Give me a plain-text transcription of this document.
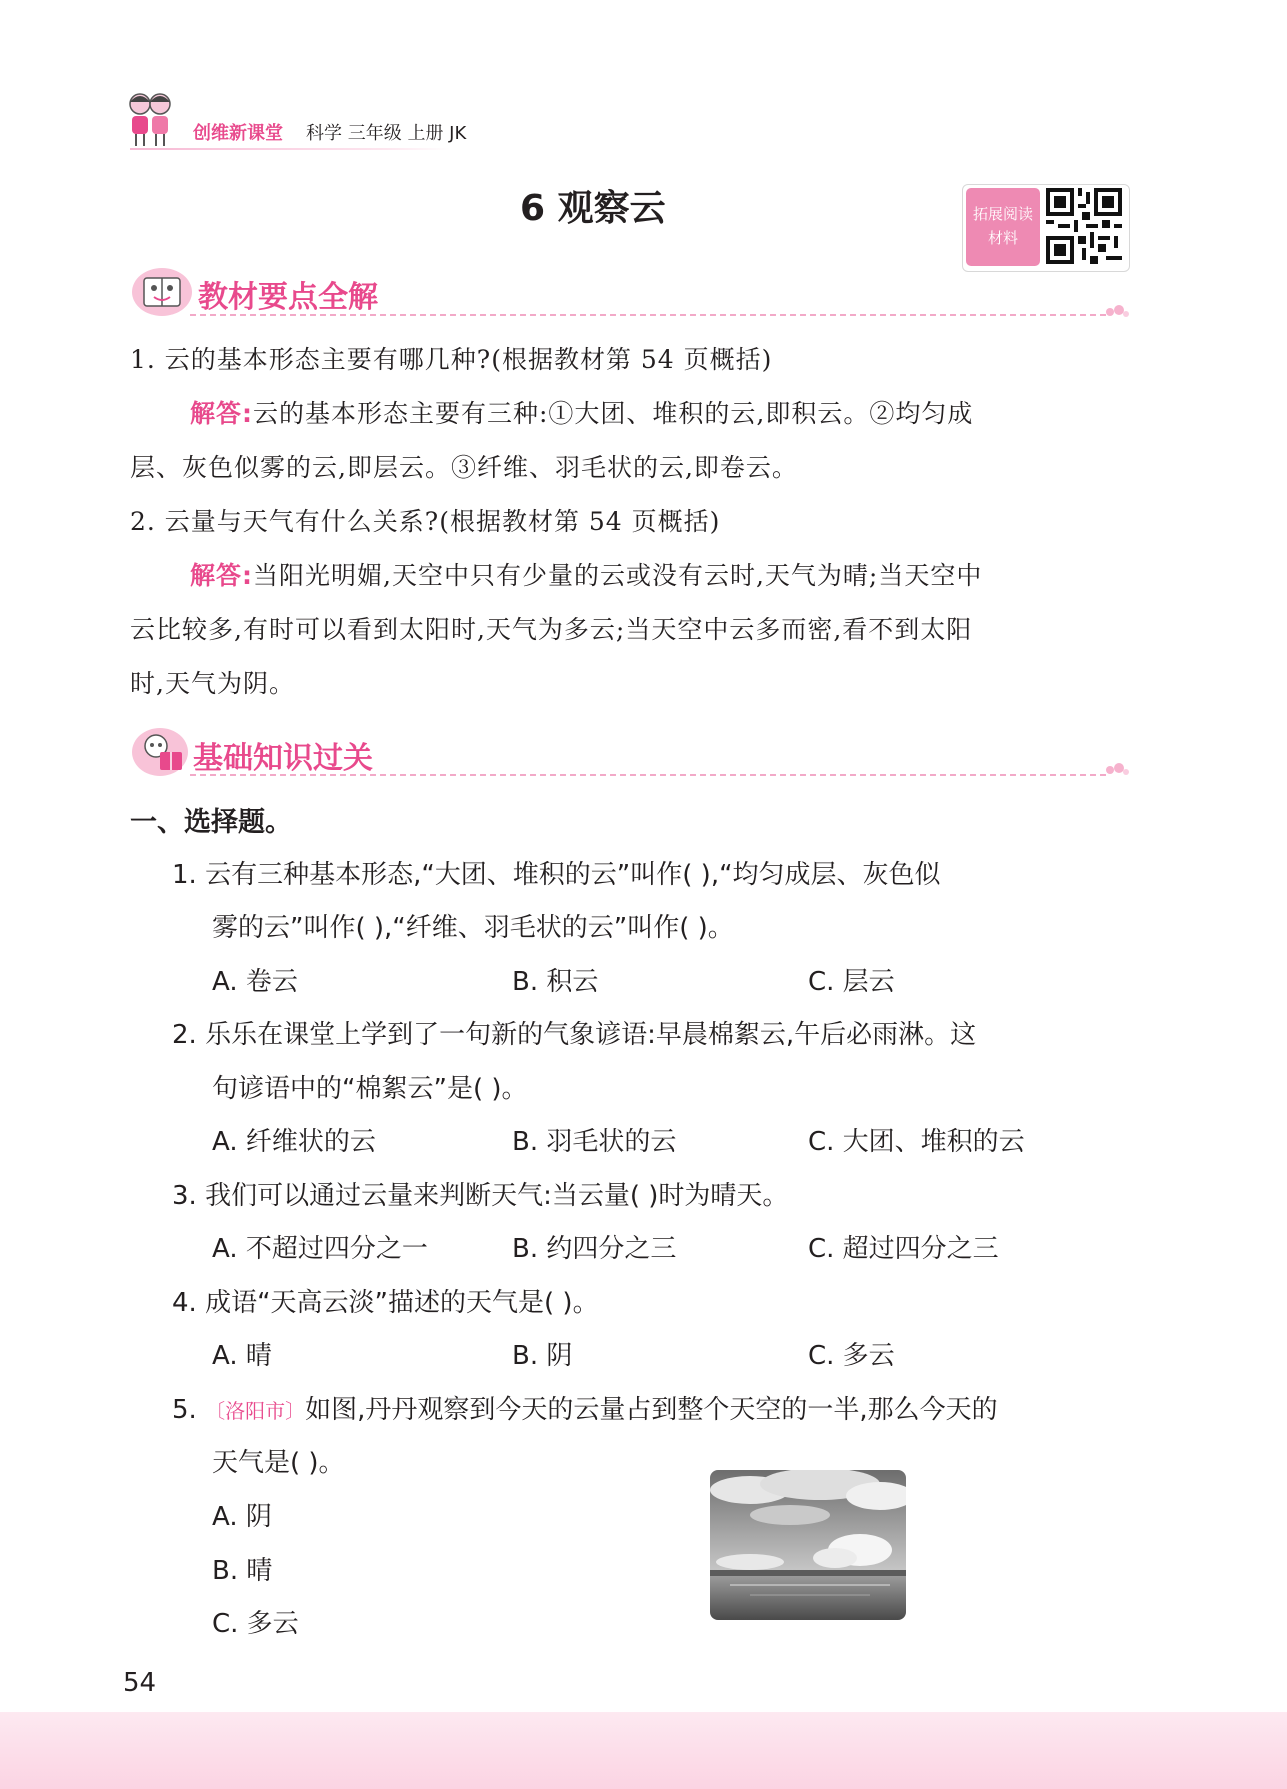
创维新课堂 科学 三年级 上册 JK
6 观察云	拓展阅读
材料
教材要点全解
1. 云的基本形态主要有哪几种?(根据教材第 54 页概括)
解答:云的基本形态主要有三种:①大团、堆积的云,即积云。②均匀成
层、灰色似雾的云,即层云。③纤维、羽毛状的云,即卷云。
2. 云量与天气有什么关系?(根据教材第 54 页概括)
解答:当阳光明媚,天空中只有少量的云或没有云时,天气为晴;当天空中
云比较多,有时可以看到太阳时,天气为多云;当天空中云多而密,看不到太阳
时,天气为阴。
基础知识过关
一、选择题。
1. 云有三种基本形态,“大团、堆积的云”叫作( ),“均匀成层、灰色似
雾的云”叫作( ),“纤维、羽毛状的云”叫作( )。
A. 卷云	B. 积云	C. 层云
2. 乐乐在课堂上学到了一句新的气象谚语:早晨棉絮云,午后必雨淋。这
句谚语中的“棉絮云”是( )。
A. 纤维状的云	B. 羽毛状的云	C. 大团、堆积的云
3. 我们可以通过云量来判断天气:当云量( )时为晴天。
A. 不超过四分之一	B. 约四分之三	C. 超过四分之三
4. 成语“天高云淡”描述的天气是( )。
A. 晴	B. 阴	C. 多云
5. 〔洛阳市〕如图,丹丹观察到今天的云量占到整个天空的一半,那么今天的
天气是( )。
A. 阴
B. 晴
C. 多云
54
